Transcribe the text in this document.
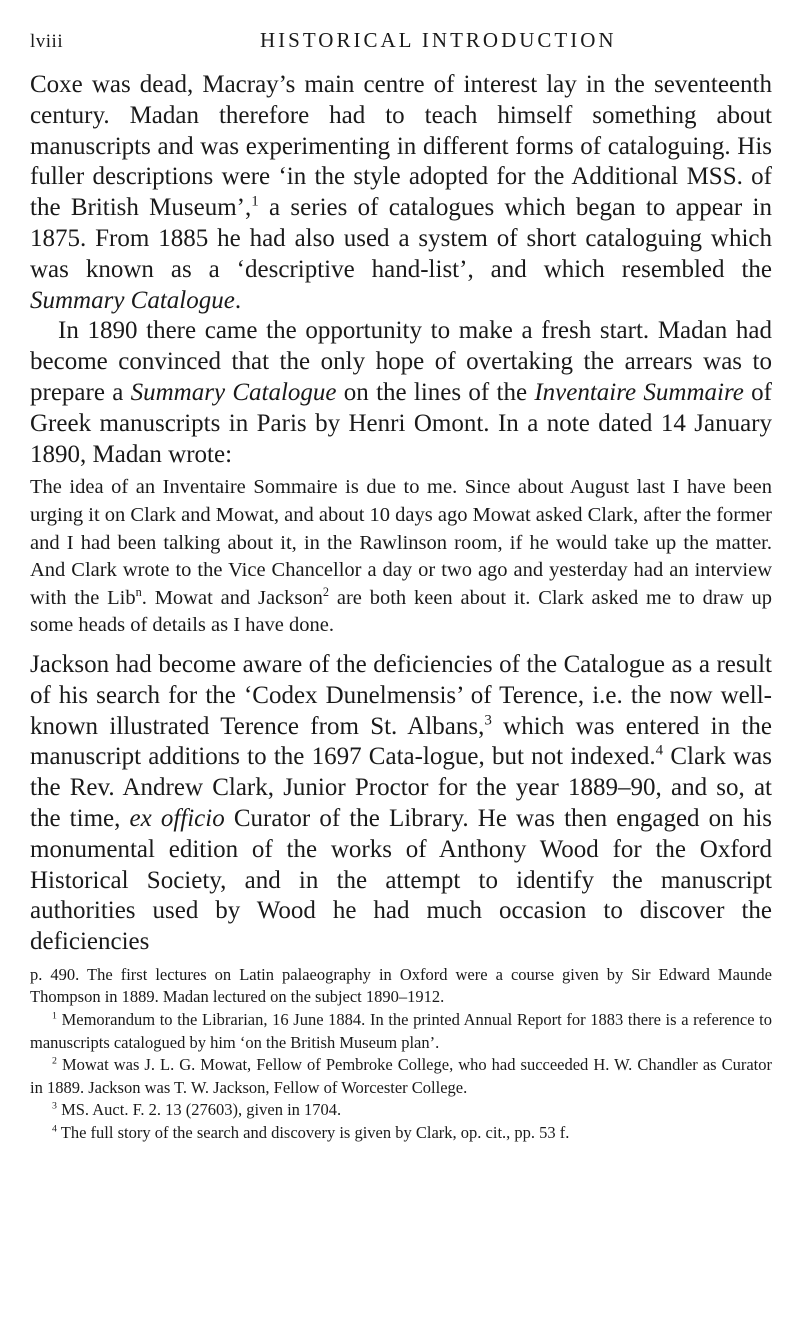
lviii	HISTORICAL INTRODUCTION

Coxe was dead, Macray’s main centre of interest lay in the seventeenth century. Madan therefore had to teach himself something about manuscripts and was experimenting in different forms of cataloguing. His fuller descriptions were ‘in the style adopted for the Additional MSS. of the British Museum’,$^1$ a series of catalogues which began to appear in 1875. From 1885 he had also used a system of short cataloguing which was known as a ‘descriptive hand-list’, and which resembled the Summary Catalogue.

In 1890 there came the opportunity to make a fresh start. Madan had become convinced that the only hope of overtaking the arrears was to prepare a Summary Catalogue on the lines of the Inventaire Summaire of Greek manuscripts in Paris by Henri Omont. In a note dated 14 January 1890, Madan wrote:

The idea of an Inventaire Sommaire is due to me. Since about August last I have been urging it on Clark and Mowat, and about 10 days ago Mowat asked Clark, after the former and I had been talking about it, in the Rawlinson room, if he would take up the matter. And Clark wrote to the Vice Chancellor a day or two ago and yesterday had an interview with the Lib$^n$. Mowat and Jackson$^2$ are both keen about it. Clark asked me to draw up some heads of details as I have done.

Jackson had become aware of the deficiencies of the Catalogue as a result of his search for the ‘Codex Dunelmensis’ of Terence, i.e. the now well-known illustrated Terence from St. Albans,$^3$ which was entered in the manuscript additions to the 1697 Cata-logue, but not indexed.$^4$ Clark was the Rev. Andrew Clark, Junior Proctor for the year 1889–90, and so, at the time, ex officio Curator of the Library. He was then engaged on his monumental edition of the works of Anthony Wood for the Oxford Historical Society, and in the attempt to identify the manuscript authorities used by Wood he had much occasion to discover the deficiencies

p. 490. The first lectures on Latin palaeography in Oxford were a course given by Sir Edward Maunde Thompson in 1889. Madan lectured on the subject 1890–1912.

$^1$ Memorandum to the Librarian, 16 June 1884. In the printed Annual Report for 1883 there is a reference to manuscripts catalogued by him ‘on the British Museum plan’.

$^2$ Mowat was J. L. G. Mowat, Fellow of Pembroke College, who had succeeded H. W. Chandler as Curator in 1889. Jackson was T. W. Jackson, Fellow of Worcester College.

$^3$ MS. Auct. F. 2. 13 (27603), given in 1704.

$^4$ The full story of the search and discovery is given by Clark, op. cit., pp. 53 f.
